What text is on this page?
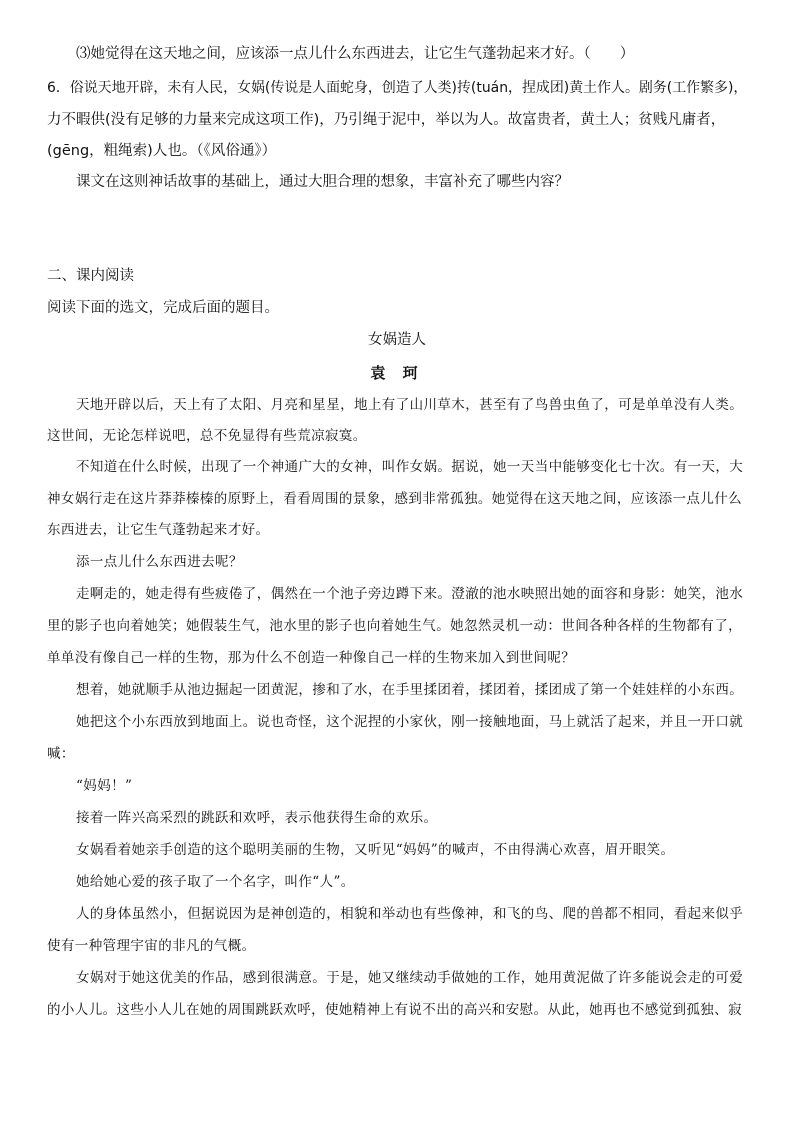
⑶她觉得在这天地之间，应该添一点儿什么东西进去，让它生气蓬勃起来才好。（　　）
6．俗说天地开辟，未有人民，女娲(传说是人面蛇身，创造了人类)抟(tuán，捏成团)黄土作人。剧务(工作繁多)，
力不暇供(没有足够的力量来完成这项工作)，乃引绳于泥中，举以为人。故富贵者，黄土人；贫贱凡庸者，
(gēng，粗绳索)人也。（《风俗通》）
课文在这则神话故事的基础上，通过大胆合理的想象，丰富补充了哪些内容？
二、课内阅读
阅读下面的选文，完成后面的题目。
女娲造人
袁 珂
天地开辟以后，天上有了太阳、月亮和星星，地上有了山川草木，甚至有了鸟兽虫鱼了，可是单单没有人类。
这世间，无论怎样说吧，总不免显得有些荒凉寂寞。
不知道在什么时候，出现了一个神通广大的女神，叫作女娲。据说，她一天当中能够变化七十次。有一天，大
神女娲行走在这片莽莽榛榛的原野上，看看周围的景象，感到非常孤独。她觉得在这天地之间，应该添一点儿什么
东西进去，让它生气蓬勃起来才好。
添一点儿什么东西进去呢？
走啊走的，她走得有些疲倦了，偶然在一个池子旁边蹲下来。澄澈的池水映照出她的面容和身影：她笑，池水
里的影子也向着她笑；她假装生气，池水里的影子也向着她生气。她忽然灵机一动：世间各种各样的生物都有了，
单单没有像自己一样的生物，那为什么不创造一种像自己一样的生物来加入到世间呢？
想着，她就顺手从池边掘起一团黄泥，掺和了水，在手里揉团着，揉团着，揉团成了第一个娃娃样的小东西。
她把这个小东西放到地面上。说也奇怪，这个泥捏的小家伙，刚一接触地面，马上就活了起来，并且一开口就
喊：
“妈妈！”
接着一阵兴高采烈的跳跃和欢呼，表示他获得生命的欢乐。
女娲看着她亲手创造的这个聪明美丽的生物，又听见“妈妈”的喊声，不由得满心欢喜，眉开眼笑。
她给她心爱的孩子取了一个名字，叫作“人”。
人的身体虽然小，但据说因为是神创造的，相貌和举动也有些像神，和飞的鸟、爬的兽都不相同，看起来似乎
使有一种管理宇宙的非凡的气概。
女娲对于她这优美的作品，感到很满意。于是，她又继续动手做她的工作，她用黄泥做了许多能说会走的可爱
的小人儿。这些小人儿在她的周围跳跃欢呼，使她精神上有说不出的高兴和安慰。从此，她再也不感觉到孤独、寂
